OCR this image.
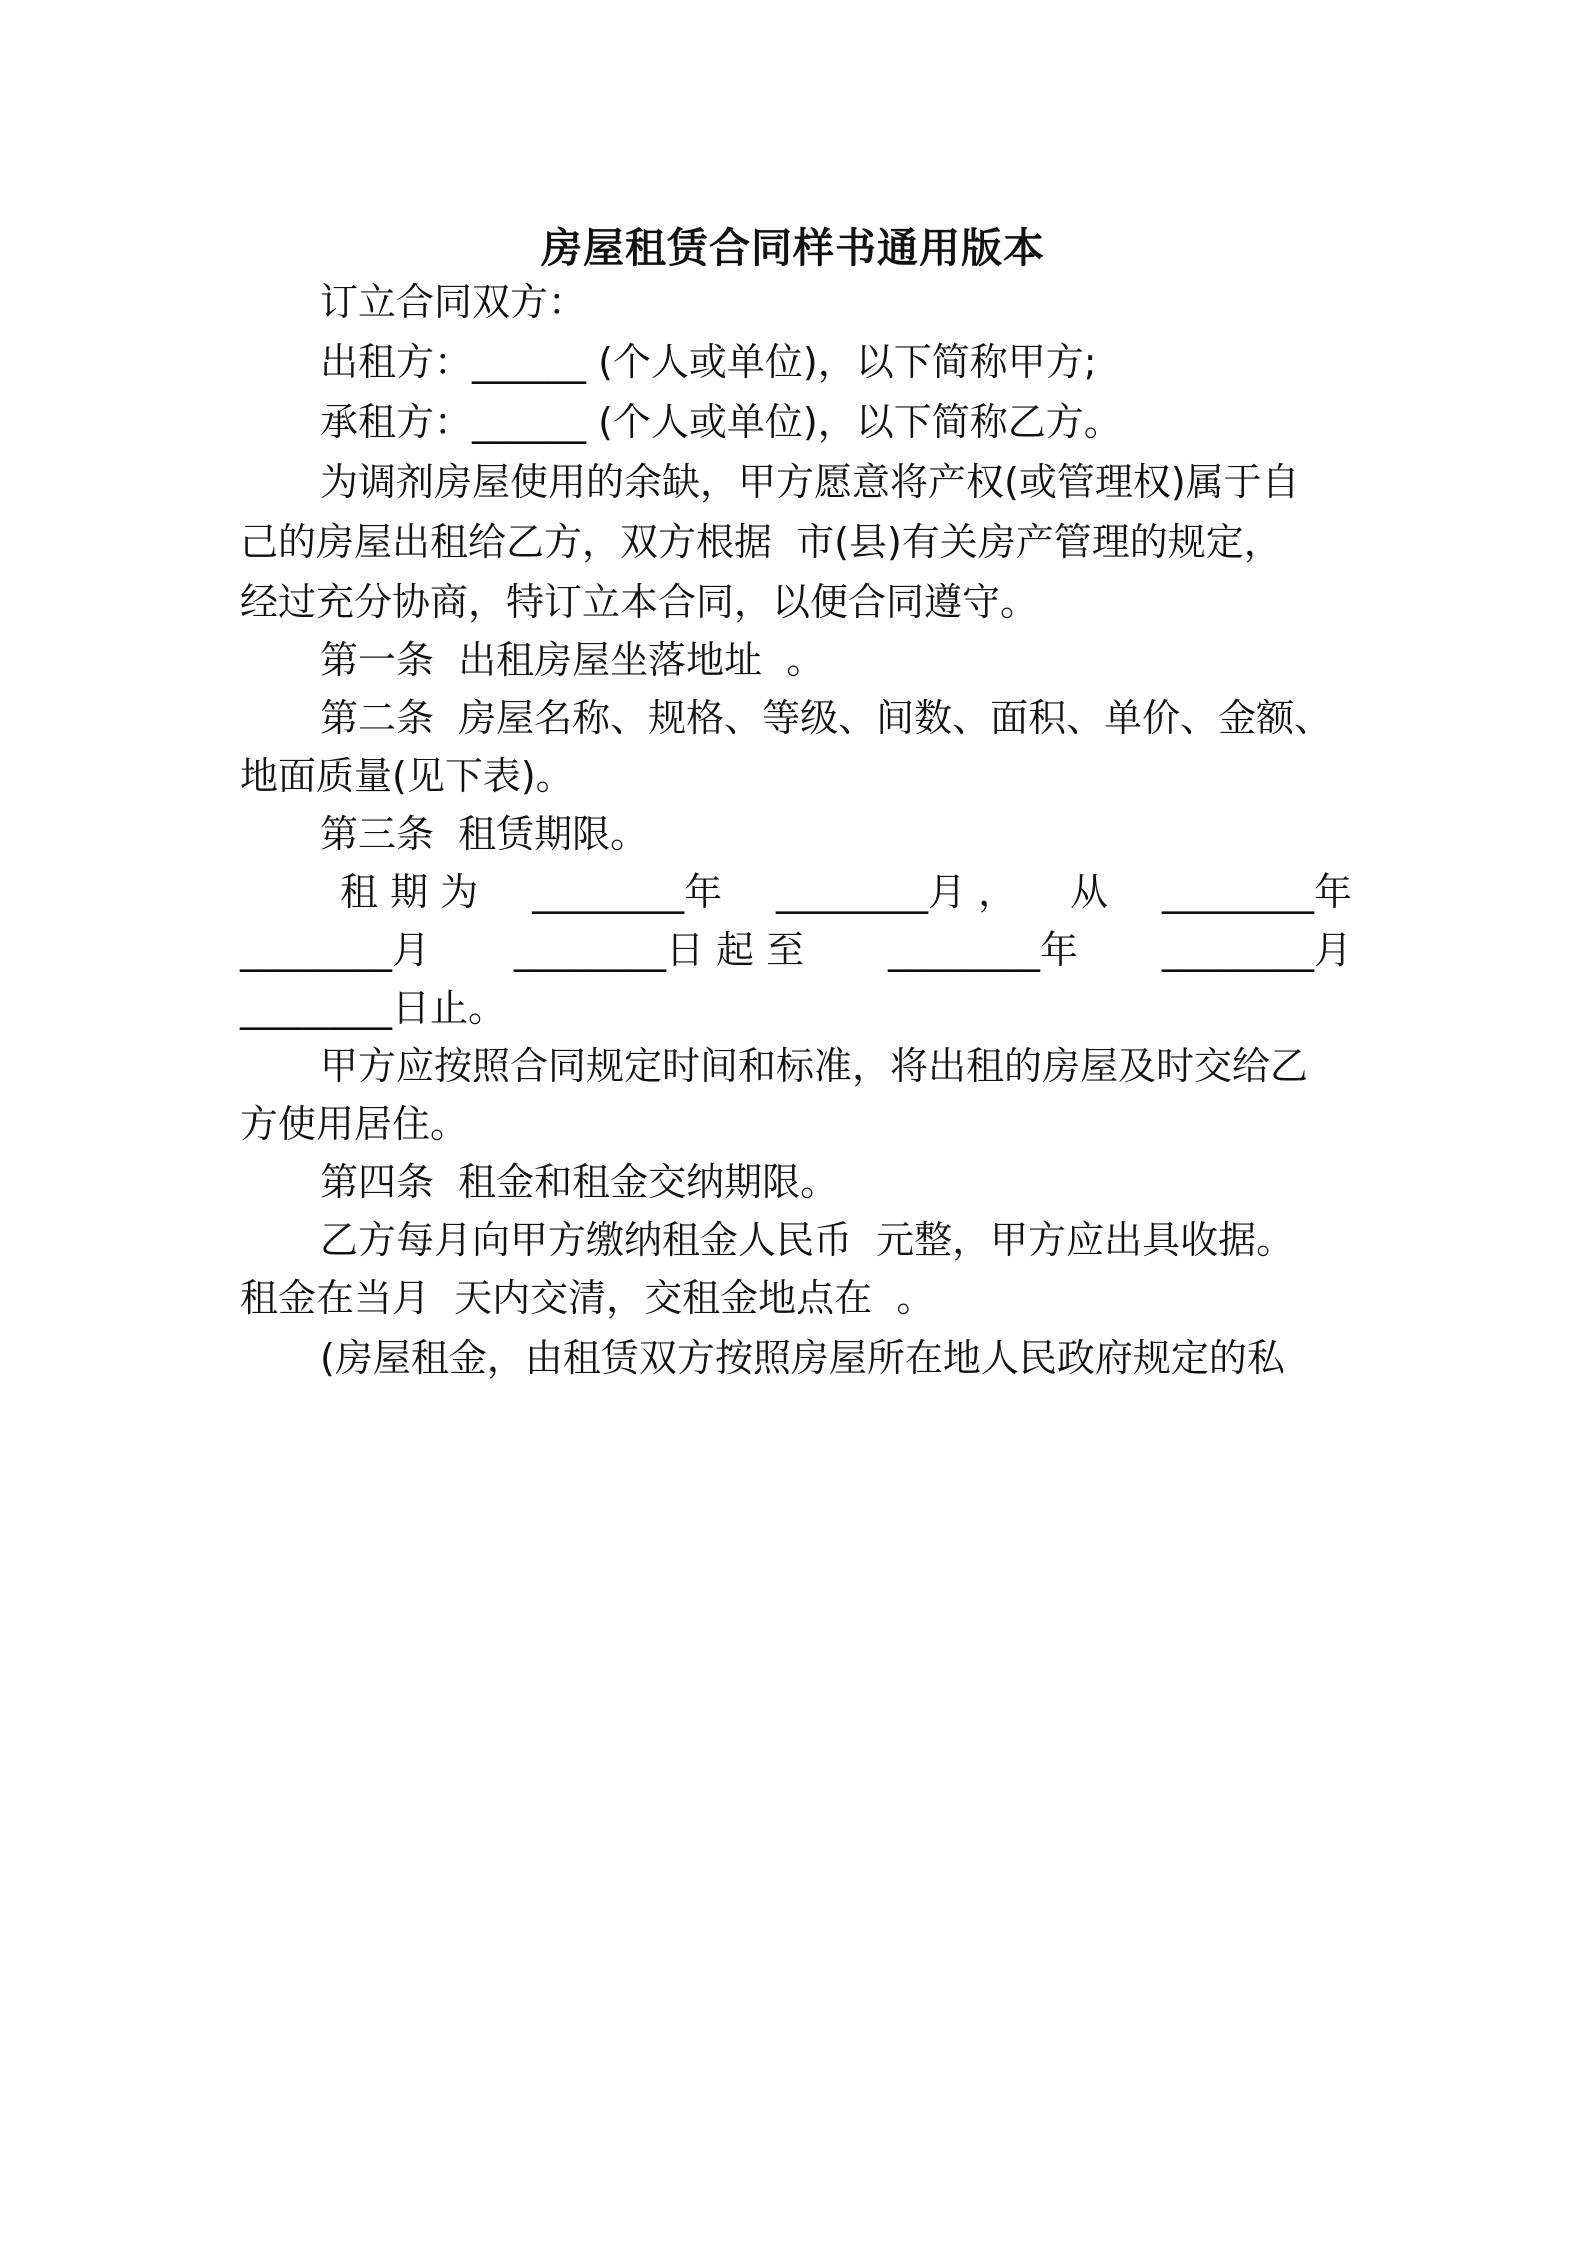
房屋租赁合同样书通用版本
订立合同双方：
出租方：______ (个人或单位)，以下简称甲方;
承租方：______ (个人或单位)，以下简称乙方。
为调剂房屋使用的余缺，甲方愿意将产权(或管理权)属于自
己的房屋出租给乙方，双方根据  市(县)有关房产管理的规定，
经过充分协商，特订立本合同，以便合同遵守。
第一条  出租房屋坐落地址  。
第二条  房屋名称、规格、等级、间数、面积、单价、金额、
地面质量(见下表)。
第三条  租赁期限。
租 期 为 ________年 ________月 ， 从 ________年
________月 ________日 起 至 ________年 ________月
________日止。
甲方应按照合同规定时间和标准，将出租的房屋及时交给乙
方使用居住。
第四条  租金和租金交纳期限。
乙方每月向甲方缴纳租金人民币  元整，甲方应出具收据。
租金在当月  天内交清，交租金地点在  。
(房屋租金，由租赁双方按照房屋所在地人民政府规定的私
